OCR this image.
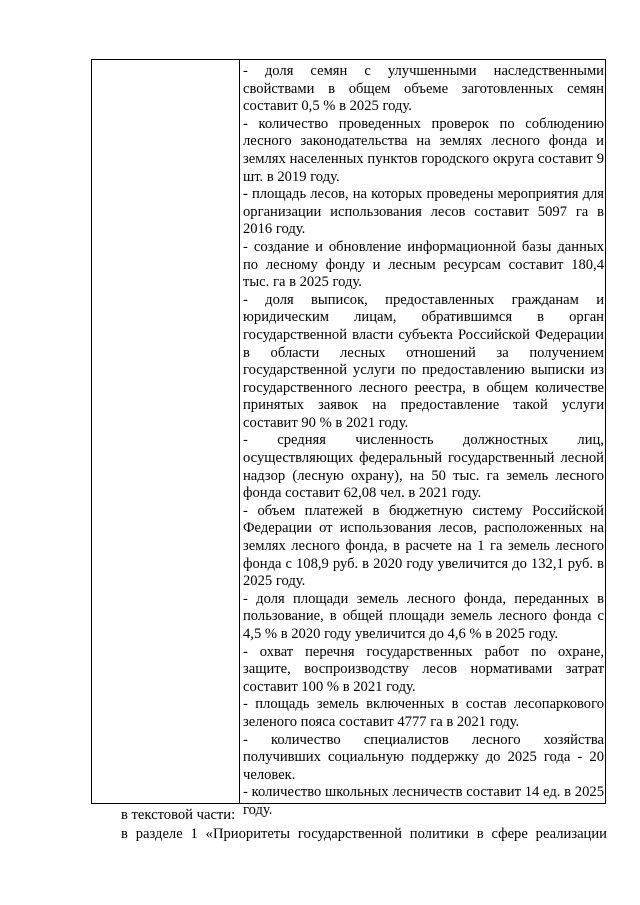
- доля семян с улучшенными наследственными свойствами в общем объеме заготовленных семян составит 0,5 % в 2025 году.

- количество проведенных проверок по соблюдению лесного законодательства на землях лесного фонда и землях населенных пунктов городского округа составит 9 шт. в 2019 году.

- площадь лесов, на которых проведены мероприятия для организации использования лесов составит 5097 га в 2016 году.

- создание и обновление информационной базы данных по лесному фонду и лесным ресурсам составит 180,4 тыс. га в 2025 году.

- доля выписок, предоставленных гражданам и юридическим лицам, обратившимся в орган государственной власти субъекта Российской Федерации в области лесных отношений за получением государственной услуги по предоставлению выписки из государственного лесного реестра, в общем количестве принятых заявок на предоставление такой услуги составит 90 % в 2021 году.

- средняя численность должностных лиц, осуществляющих федеральный государственный лесной надзор (лесную охрану), на 50 тыс. га земель лесного фонда составит 62,08 чел. в 2021 году.

- объем платежей в бюджетную систему Российской Федерации от использования лесов, расположенных на землях лесного фонда, в расчете на 1 га земель лесного фонда с 108,9 руб. в 2020 году увеличится до 132,1 руб. в 2025 году.

- доля площади земель лесного фонда, переданных в пользование, в общей площади земель лесного фонда с 4,5 % в 2020 году увеличится до 4,6 % в 2025 году.

- охват перечня государственных работ по охране, защите, воспроизводству лесов нормативами затрат составит 100 % в 2021 году.

- площадь земель включенных в состав лесопаркового зеленого пояса составит 4777 га в 2021 году.

- количество специалистов лесного хозяйства получивших социальную поддержку до 2025 года - 20 человек.

- количество школьных лесничеств составит 14 ед. в 2025 году.

в текстовой части:
в разделе 1 «Приоритеты государственной политики в сфере реализации
